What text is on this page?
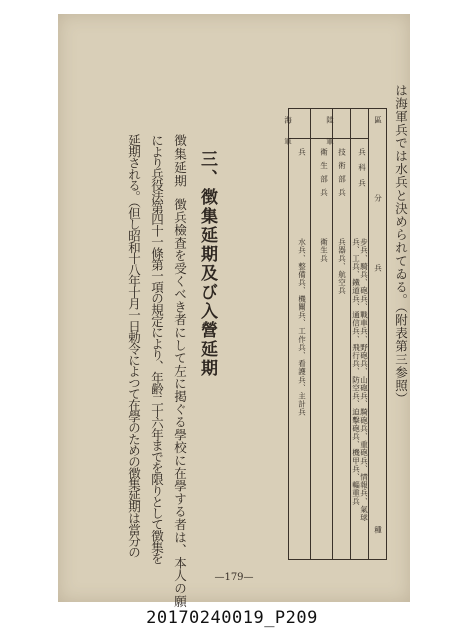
は海軍兵では水兵と決められてゐる。（附表第三参照）
區
分
兵
種
陸軍
海軍
兵科兵
步兵、騎兵、砲兵、戰車兵、野砲兵、山砲兵、騎砲兵、重砲兵、情報兵、氣球
兵、工兵、鐵道兵、通信兵、飛行兵、防空兵、迫擊砲兵、機甲兵、輜重兵
技術部兵
兵器兵、航空兵
衛生部兵
衛生兵
兵
水兵、整備兵、機關兵、工作兵、看護兵、主計兵
三、徴集延期及び入營延期
徴集延期
徴兵檢査を受くべき者にして左に掲ぐる學校に在學する者は、本人の願
により兵役法第四十一條第一項の規定により、年齢二十六年までを限りとして徴集を
延期される。（但し昭和十八年十月一日勅令によつて在學のための徴集延期は當分の
—179—
20170240019_P209
